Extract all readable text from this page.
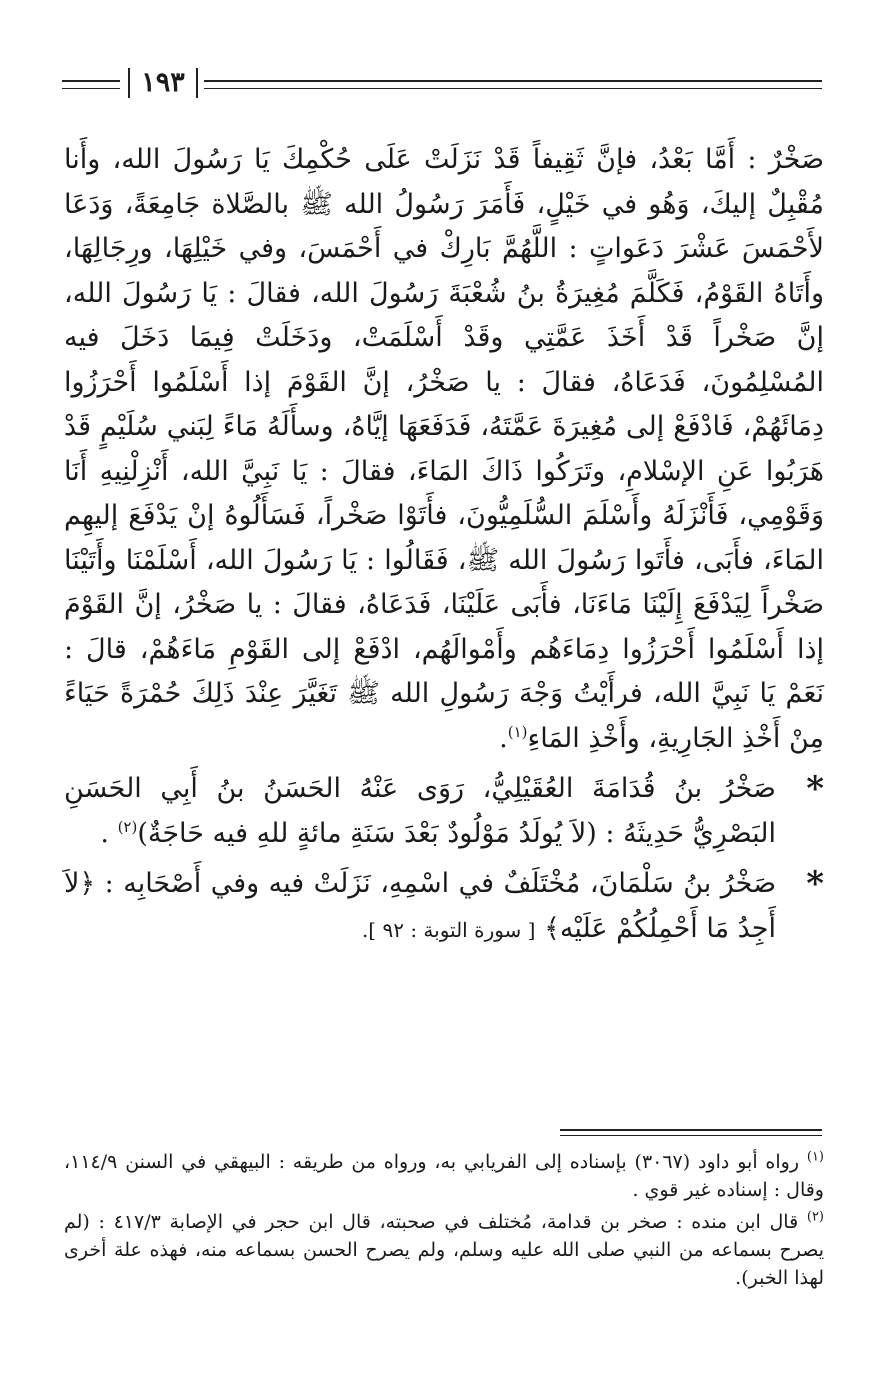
١٩٣

صَخْرٌ : أَمَّا بَعْدُ، فإنَّ ثَقِيفاً قَدْ نَزَلَتْ عَلَى حُكْمِكَ يَا رَسُولَ الله، وأَنا مُقْبِلٌ إليكَ، وَهُو في خَيْلٍ، فَأَمَرَ رَسُولُ الله ﷺ بالصَّلاة جَامِعَةً، وَدَعَا لأَحْمَسَ عَشْرَ دَعَواتٍ : اللَّهُمَّ بَارِكْ في أَحْمَسَ، وفي خَيْلِهَا، ورِجَالِهَا، وأَتَاهُ القَوْمُ، فَكَلَّمَ مُغِيرَةُ بنُ شُعْبَةَ رَسُولَ الله، فقالَ : يَا رَسُولَ الله، إنَّ صَخْراً قَدْ أَخَذَ عَمَّتِي وقَدْ أَسْلَمَتْ، ودَخَلَتْ فِيمَا دَخَلَ فيه المُسْلِمُونَ، فَدَعَاهُ، فقالَ : يا صَخْرُ، إنَّ القَوْمَ إذا أَسْلَمُوا أَحْرَزُوا دِمَائَهُمْ، فَادْفَعْ إلى مُغِيرَةَ عَمَّتَهُ، فَدَفَعَهَا إيَّاهُ، وسأَلَهُ مَاءً لِبَني سُلَيْمٍ قَدْ هَرَبُوا عَنِ الإسْلامِ، وتَرَكُوا ذَاكَ المَاءَ، فقالَ : يَا نَبِيَّ الله، أَنْزِلْنِيهِ أَنَا وَقَوْمِي، فَأَنْزَلَهُ وأَسْلَمَ السُّلَمِيُّونَ، فأَتَوْا صَخْراً، فَسَأَلُوهُ إنْ يَدْفَعَ إليهِم المَاءَ، فأَبَى، فأَتَوا رَسُولَ الله ﷺ، فَقَالُوا : يَا رَسُولَ الله، أَسْلَمْنَا وأَتَيْنَا صَخْراً لِيَدْفَعَ إِلَيْنَا مَاءَنَا، فأَبَى عَلَيْنَا، فَدَعَاهُ، فقالَ : يا صَخْرُ، إنَّ القَوْمَ إذا أَسْلَمُوا أَحْرَزُوا دِمَاءَهُم وأَمْوالَهُم، ادْفَعْ إلى القَوْمِ مَاءَهُمْ، قالَ : نَعَمْ يَا نَبِيَّ الله، فرأَيْتُ وَجْهَ رَسُولِ الله ﷺ تَغَيَّرَ عِنْدَ ذَلِكَ حُمْرَةً حَيَاءً مِنْ أَخْذِ الجَارِيةِ، وأَخْذِ المَاءِ$^{(١)}$.

*
صَخْرُ بنُ قُدَامَةَ العُقَيْلِيُّ، رَوَى عَنْهُ الحَسَنُ بنُ أَبِي الحَسَنِ البَصْرِيُّ حَدِيثَهُ : (لاَ يُولَدُ مَوْلُودٌ بَعْدَ سَنَةِ مائةٍ للهِ فيه حَاجَةٌ)$^{(٢)}$ .

*
صَخْرُ بنُ سَلْمَانَ، مُخْتَلَفٌ في اسْمِهِ، نَزَلَتْ فيه وفي أَصْحَابِه : ﴿لاَ أَجِدُ مَا أَحْمِلُكُمْ عَلَيْه﴾ [ سورة التوبة : ٩٢ ].

$^{(١)}$ رواه أبو داود (٣٠٦٧) بإسناده إلى الفريابي به، ورواه من طريقه : البيهقي في السنن ١١٤/٩، وقال : إسناده غير قوي .

$^{(٢)}$ قال ابن منده : صخر بن قدامة، مُختلف في صحبته، قال ابن حجر في الإصابة ٤١٧/٣ : (لم يصرح بسماعه من النبي صلى الله عليه وسلم، ولم يصرح الحسن بسماعه منه، فهذه علة أخرى لهذا الخبر).
